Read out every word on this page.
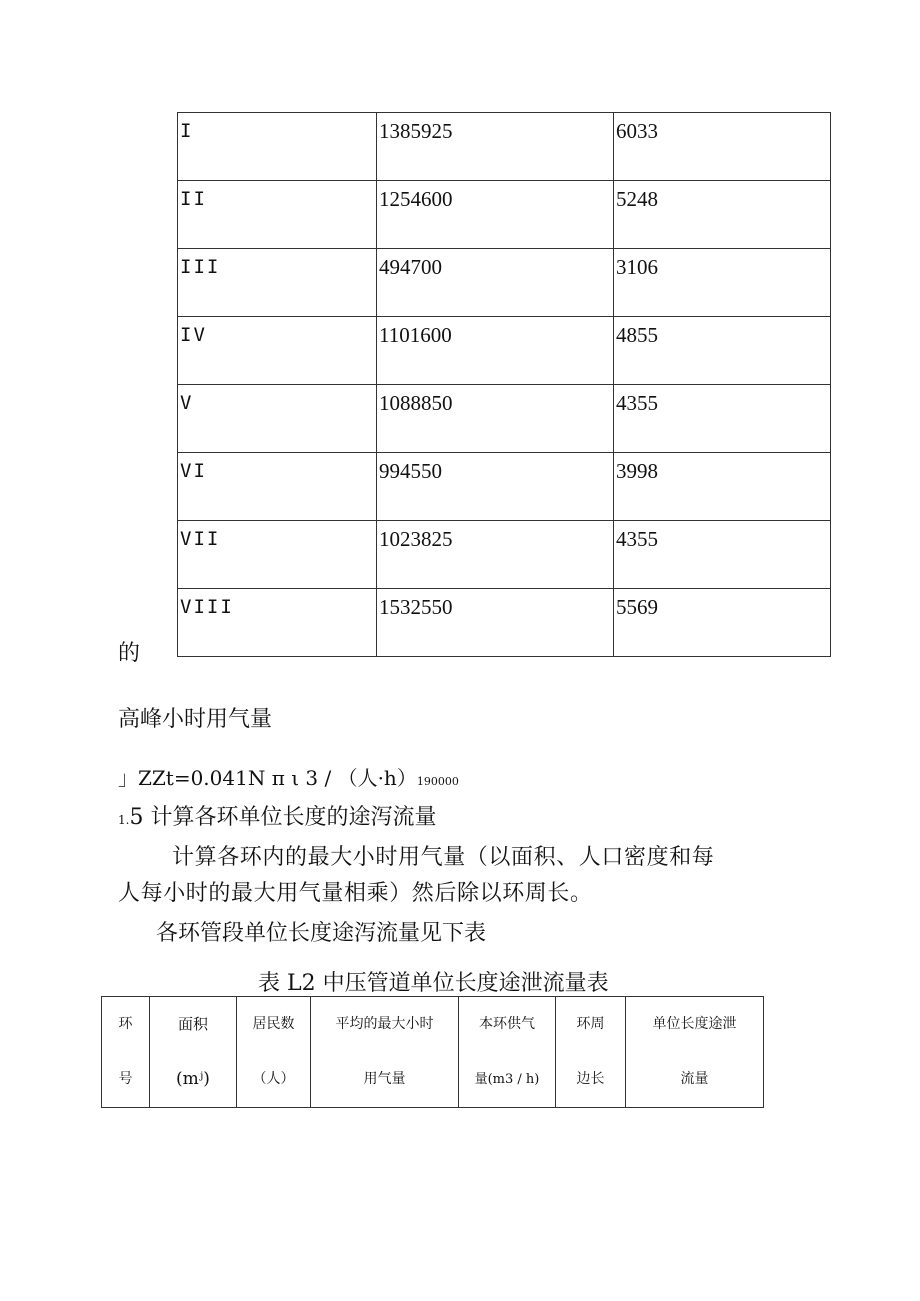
I	1385925	6033
II	1254600	5248
III	494700	3106
IV	1101600	4855
V	1088850	4355
VI	994550	3998
VII	1023825	4355
VIII	1532550	5569
的
高峰小时用气量
」ZZt=0.041N π ι 3 / （人·h）190000
1.5 计算各环单位长度的途泻流量
计算各环内的最大小时用气量（以面积、人口密度和每
人每小时的最大用气量相乘）然后除以环周长。
各环管段单位长度途泻流量见下表
表 L2 中压管道单位长度途泄流量表
环
号

面积
(mʲ)

居民数
（人）

平均的最大小时
用气量

本环供气
量(m3 / h)

环周
边长

单位长度途泄
流量
